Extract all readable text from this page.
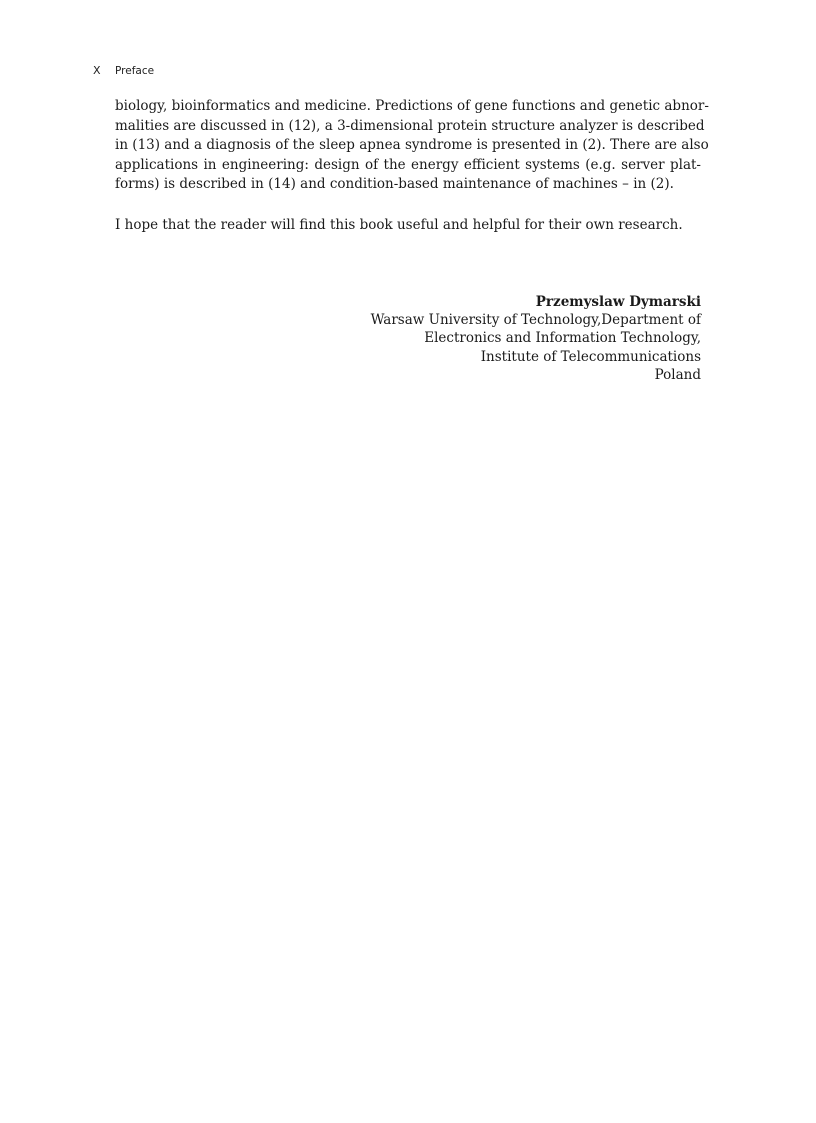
X Preface
biology, bioinformatics and medicine. Predictions of gene functions and genetic abnor-
malities are discussed in (12), a 3-dimensional protein structure analyzer is described
in (13) and a diagnosis of the sleep apnea syndrome is presented in (2). There are also
applications in engineering: design of the energy efficient systems (e.g. server plat-
forms) is described in (14) and condition-based maintenance of machines – in (2).
I hope that the reader will find this book useful and helpful for their own research.
Przemyslaw Dymarski
Warsaw University of Technology,Department of
Electronics and Information Technology,
Institute of Telecommunications
Poland
